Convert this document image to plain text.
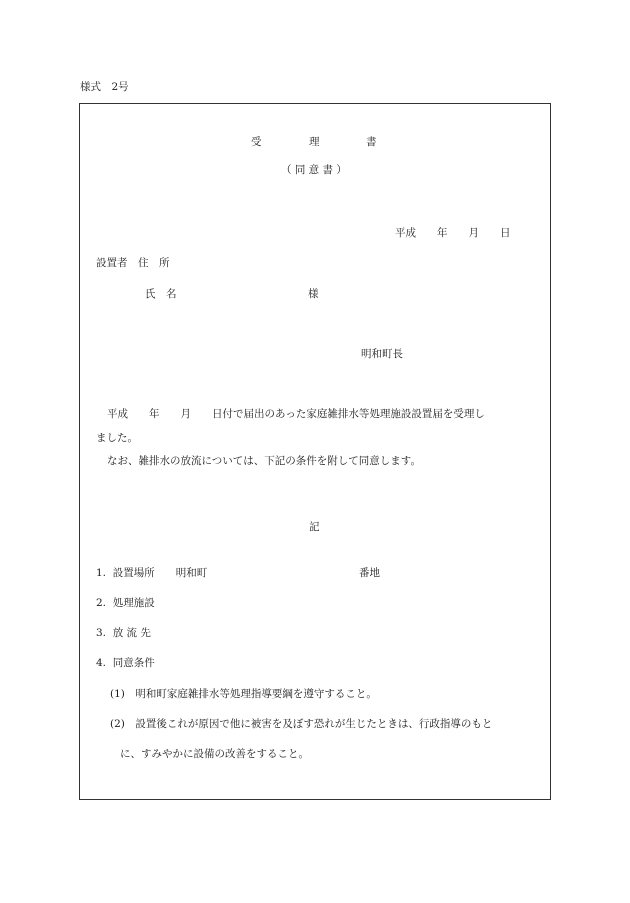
様式　2号
受	理	書
（ 同 意 書 ）
平成　　年　　月　　日
設置者　住　所
氏　名	様
明和町長
平成　　年　　月　　日付で届出のあった家庭雑排水等処理施設設置届を受理し
ました。
なお、雑排水の放流については、下記の条件を附して同意します。
記
1.  設置場所　　明和町	番地
2.  処理施設
3.  放 流 先
4.  同意条件
(1)　明和町家庭雑排水等処理指導要綱を遵守すること。
(2)　設置後これが原因で他に被害を及ぼす恐れが生じたときは、行政指導のもと
に、すみやかに設備の改善をすること。
